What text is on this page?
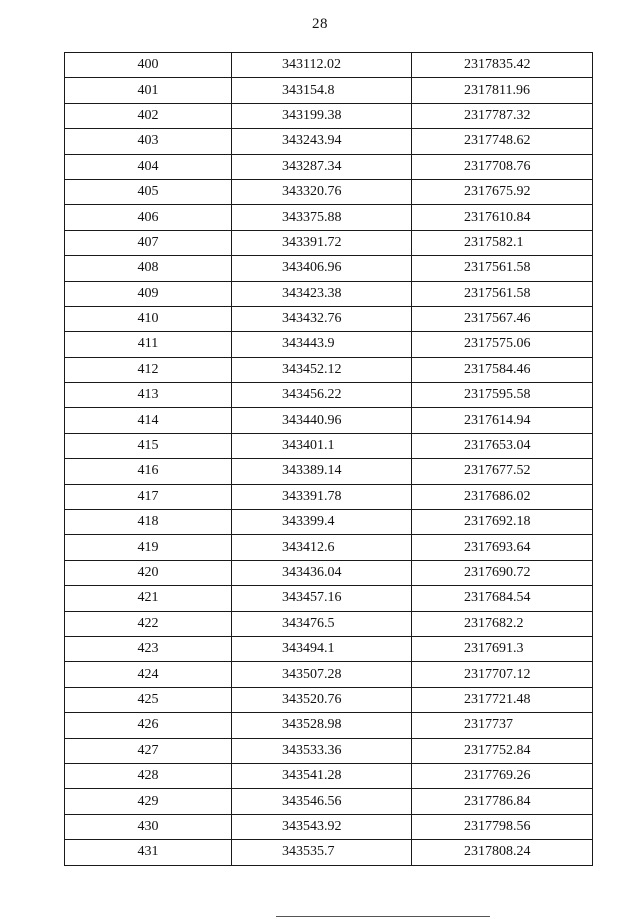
28
400	343112.02	2317835.42
401	343154.8	2317811.96
402	343199.38	2317787.32
403	343243.94	2317748.62
404	343287.34	2317708.76
405	343320.76	2317675.92
406	343375.88	2317610.84
407	343391.72	2317582.1
408	343406.96	2317561.58
409	343423.38	2317561.58
410	343432.76	2317567.46
411	343443.9	2317575.06
412	343452.12	2317584.46
413	343456.22	2317595.58
414	343440.96	2317614.94
415	343401.1	2317653.04
416	343389.14	2317677.52
417	343391.78	2317686.02
418	343399.4	2317692.18
419	343412.6	2317693.64
420	343436.04	2317690.72
421	343457.16	2317684.54
422	343476.5	2317682.2
423	343494.1	2317691.3
424	343507.28	2317707.12
425	343520.76	2317721.48
426	343528.98	2317737
427	343533.36	2317752.84
428	343541.28	2317769.26
429	343546.56	2317786.84
430	343543.92	2317798.56
431	343535.7	2317808.24
